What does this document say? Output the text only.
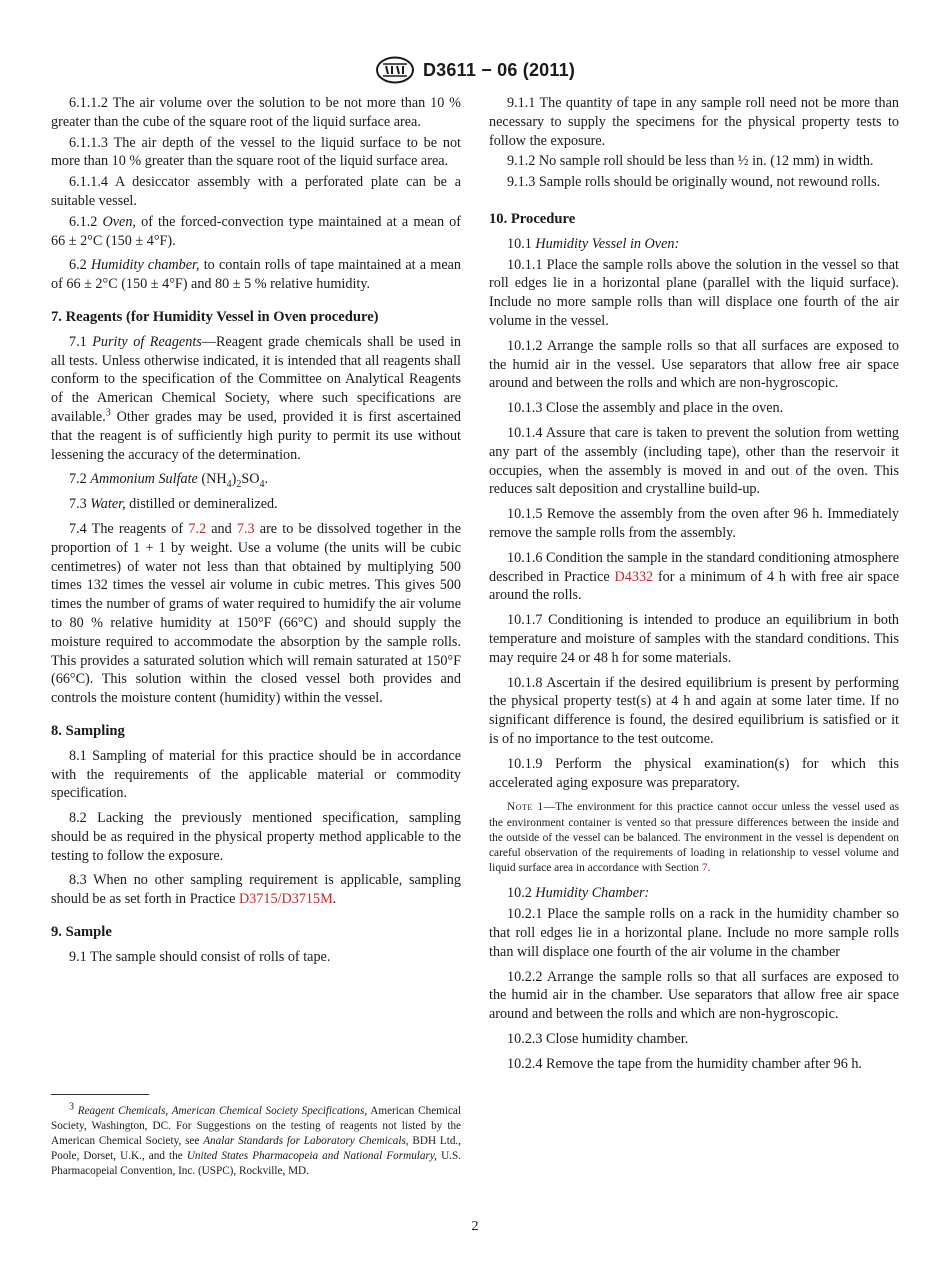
D3611 − 06 (2011)

6.1.1.2 The air volume over the solution to be not more than 10 % greater than the cube of the square root of the liquid surface area.

6.1.1.3 The air depth of the vessel to the liquid surface to be not more than 10 % greater than the square root of the liquid surface area.

6.1.1.4 A desiccator assembly with a perforated plate can be a suitable vessel.

6.1.2 Oven, of the forced-convection type maintained at a mean of 66 ± 2°C (150 ± 4°F).

6.2 Humidity chamber, to contain rolls of tape maintained at a mean of 66 ± 2°C (150 ± 4°F) and 80 ± 5 % relative humidity.

7. Reagents (for Humidity Vessel in Oven procedure)

7.1 Purity of Reagents—Reagent grade chemicals shall be used in all tests. Unless otherwise indicated, it is intended that all reagents shall conform to the specification of the Committee on Analytical Reagents of the American Chemical Society, where such specifications are available.$^3$ Other grades may be used, provided it is first ascertained that the reagent is of sufficiently high purity to permit its use without lessening the accuracy of the determination.

7.2 Ammonium Sulfate $(NH_4)_2SO_4$.

7.3 Water, distilled or demineralized.

7.4 The reagents of 7.2 and 7.3 are to be dissolved together in the proportion of 1 + 1 by weight. Use a volume (the units will be cubic centimetres) of water not less than that obtained by multiplying 500 times 132 times the vessel air volume in cubic metres. This gives 500 times the number of grams of water required to humidify the air volume to 80 % relative humidity at 150°F (66°C) and should supply the moisture required to accommodate the absorption by the sample rolls. This provides a saturated solution which will remain saturated at 150°F (66°C). This solution within the closed vessel both provides and controls the moisture content (humidity) within the vessel.

8. Sampling

8.1 Sampling of material for this practice should be in accordance with the requirements of the applicable material or commodity specification.

8.2 Lacking the previously mentioned specification, sampling should be as required in the physical property method applicable to the testing to follow the exposure.

8.3 When no other sampling requirement is applicable, sampling should be as set forth in Practice D3715/D3715M.

9. Sample

9.1 The sample should consist of rolls of tape.

$^3$ Reagent Chemicals, American Chemical Society Specifications, American Chemical Society, Washington, DC. For Suggestions on the testing of reagents not listed by the American Chemical Society, see Analar Standards for Laboratory Chemicals, BDH Ltd., Poole, Dorset, U.K., and the United States Pharmacopeia and National Formulary, U.S. Pharmacopeial Convention, Inc. (USPC), Rockville, MD.

9.1.1 The quantity of tape in any sample roll need not be more than necessary to supply the specimens for the physical property tests to follow the exposure.

9.1.2 No sample roll should be less than ½ in. (12 mm) in width.

9.1.3 Sample rolls should be originally wound, not rewound rolls.

10. Procedure

10.1 Humidity Vessel in Oven:

10.1.1 Place the sample rolls above the solution in the vessel so that roll edges lie in a horizontal plane (parallel with the liquid surface). Include no more sample rolls than will displace one fourth of the air volume in the vessel.

10.1.2 Arrange the sample rolls so that all surfaces are exposed to the humid air in the vessel. Use separators that allow free air space around and between the rolls and which are non-hygroscopic.

10.1.3 Close the assembly and place in the oven.

10.1.4 Assure that care is taken to prevent the solution from wetting any part of the assembly (including tape), other than the reservoir it occupies, when the assembly is moved in and out of the oven. This reduces salt deposition and crystalline build-up.

10.1.5 Remove the assembly from the oven after 96 h. Immediately remove the sample rolls from the assembly.

10.1.6 Condition the sample in the standard conditioning atmosphere described in Practice D4332 for a minimum of 4 h with free air space around the rolls.

10.1.7 Conditioning is intended to produce an equilibrium in both temperature and moisture of samples with the standard conditions. This may require 24 or 48 h for some materials.

10.1.8 Ascertain if the desired equilibrium is present by performing the physical property test(s) at 4 h and again at some later time. If no significant difference is found, the desired equilibrium is satisfied or it is of no importance to the test outcome.

10.1.9 Perform the physical examination(s) for which this accelerated aging exposure was preparatory.

Note 1—The environment for this practice cannot occur unless the vessel used as the environment container is vented so that pressure differences between the inside and the outside of the vessel can be balanced. The environment in the vessel is dependent on careful observation of the requirements of loading in relationship to vessel volume and liquid surface area in accordance with Section 7.

10.2 Humidity Chamber:

10.2.1 Place the sample rolls on a rack in the humidity chamber so that roll edges lie in a horizontal plane. Include no more sample rolls than will displace one fourth of the air volume in the chamber

10.2.2 Arrange the sample rolls so that all surfaces are exposed to the humid air in the chamber. Use separators that allow free air space around and between the rolls and which are non-hygroscopic.

10.2.3 Close humidity chamber.

10.2.4 Remove the tape from the humidity chamber after 96 h.

2
